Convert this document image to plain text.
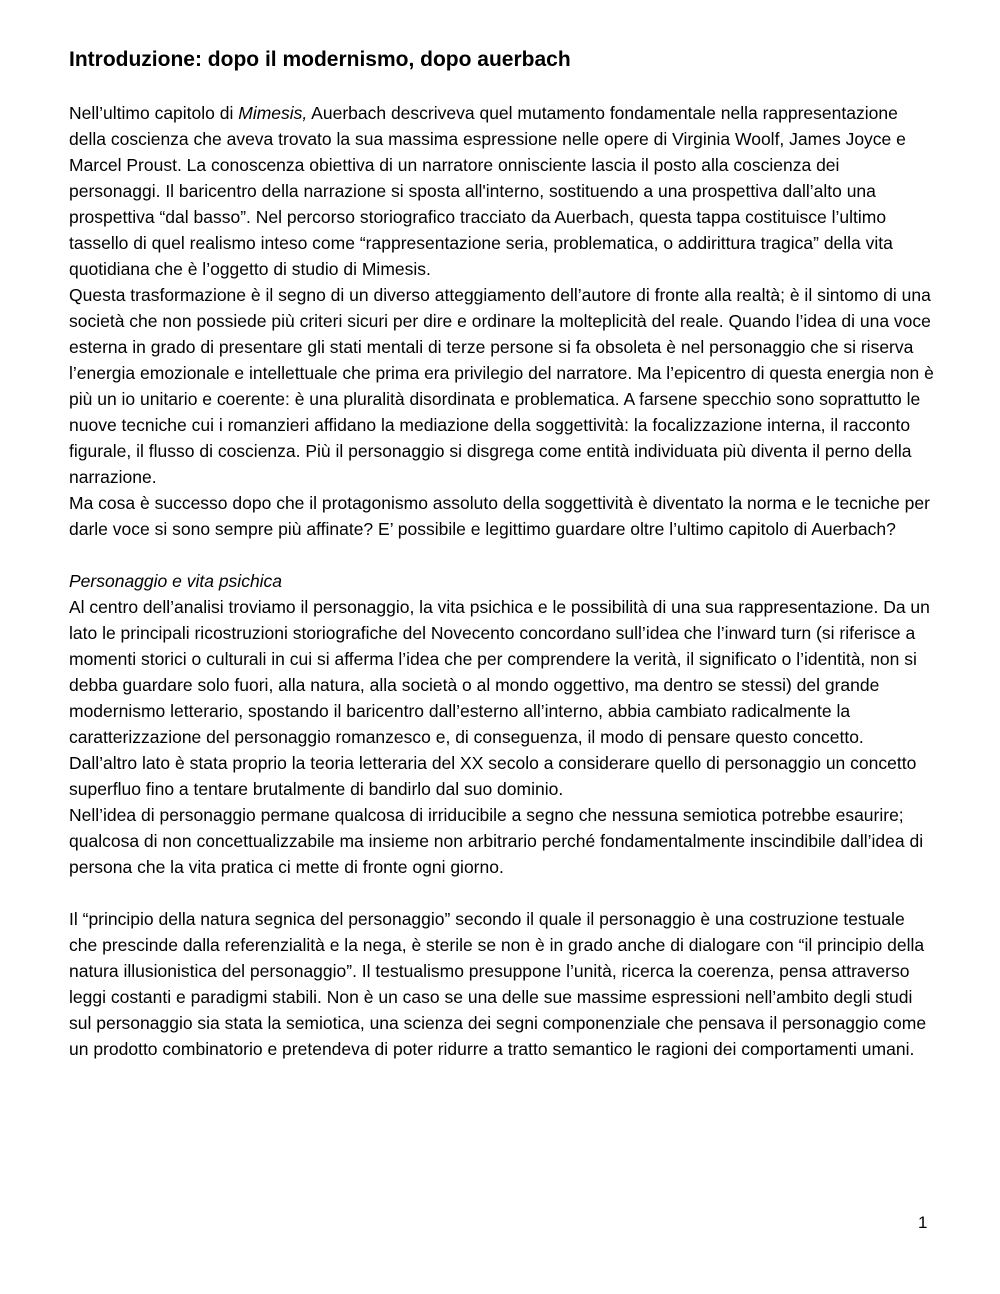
Introduzione: dopo il modernismo, dopo auerbach

Nell’ultimo capitolo di Mimesis, Auerbach descriveva quel mutamento fondamentale nella rappresentazione della coscienza che aveva trovato la sua massima espressione nelle opere di Virginia Woolf, James Joyce e Marcel Proust. La conoscenza obiettiva di un narratore onnisciente lascia il posto alla coscienza dei personaggi. Il baricentro della narrazione si sposta all'interno, sostituendo a una prospettiva dall’alto una prospettiva “dal basso”. Nel percorso storiografico tracciato da Auerbach, questa tappa costituisce l’ultimo tassello di quel realismo inteso come “rappresentazione seria, problematica, o addirittura tragica” della vita quotidiana che è l’oggetto di studio di Mimesis.

Questa trasformazione è il segno di un diverso atteggiamento dell’autore di fronte alla realtà; è il sintomo di una società che non possiede più criteri sicuri per dire e ordinare la molteplicità del reale. Quando l’idea di una voce esterna in grado di presentare gli stati mentali di terze persone si fa obsoleta è nel personaggio che si riserva l’energia emozionale e intellettuale che prima era privilegio del narratore. Ma l’epicentro di questa energia non è più un io unitario e coerente: è una pluralità disordinata e problematica. A farsene specchio sono soprattutto le nuove tecniche cui i romanzieri affidano la mediazione della soggettività: la focalizzazione interna, il racconto figurale, il flusso di coscienza. Più il personaggio si disgrega come entità individuata più diventa il perno della narrazione.

Ma cosa è successo dopo che il protagonismo assoluto della soggettività è diventato la norma e le tecniche per darle voce si sono sempre più affinate? E’ possibile e legittimo guardare oltre l’ultimo capitolo di Auerbach?

Personaggio e vita psichica

Al centro dell’analisi troviamo il personaggio, la vita psichica e le possibilità di una sua rappresentazione. Da un lato le principali ricostruzioni storiografiche del Novecento concordano sull’idea che l’inward turn (si riferisce a momenti storici o culturali in cui si afferma l’idea che per comprendere la verità, il significato o l’identità, non si debba guardare solo fuori, alla natura, alla società o al mondo oggettivo, ma dentro se stessi) del grande modernismo letterario, spostando il baricentro dall’esterno all’interno, abbia cambiato radicalmente la caratterizzazione del personaggio romanzesco e, di conseguenza, il modo di pensare questo concetto.

Dall’altro lato è stata proprio la teoria letteraria del XX secolo a considerare quello di personaggio un concetto superfluo fino a tentare brutalmente di bandirlo dal suo dominio.

Nell’idea di personaggio permane qualcosa di irriducibile a segno che nessuna semiotica potrebbe esaurire; qualcosa di non concettualizzabile ma insieme non arbitrario perché fondamentalmente inscindibile dall’idea di persona che la vita pratica ci mette di fronte ogni giorno.

Il “principio della natura segnica del personaggio” secondo il quale il personaggio è una costruzione testuale che prescinde dalla referenzialità e la nega, è sterile se non è in grado anche di dialogare con “il principio della natura illusionistica del personaggio”. Il testualismo presuppone l’unità, ricerca la coerenza, pensa attraverso leggi costanti e paradigmi stabili. Non è un caso se una delle sue massime espressioni nell’ambito degli studi sul personaggio sia stata la semiotica, una scienza dei segni componenziale che pensava il personaggio come un prodotto combinatorio e pretendeva di poter ridurre a tratto semantico le ragioni dei comportamenti umani.

1
